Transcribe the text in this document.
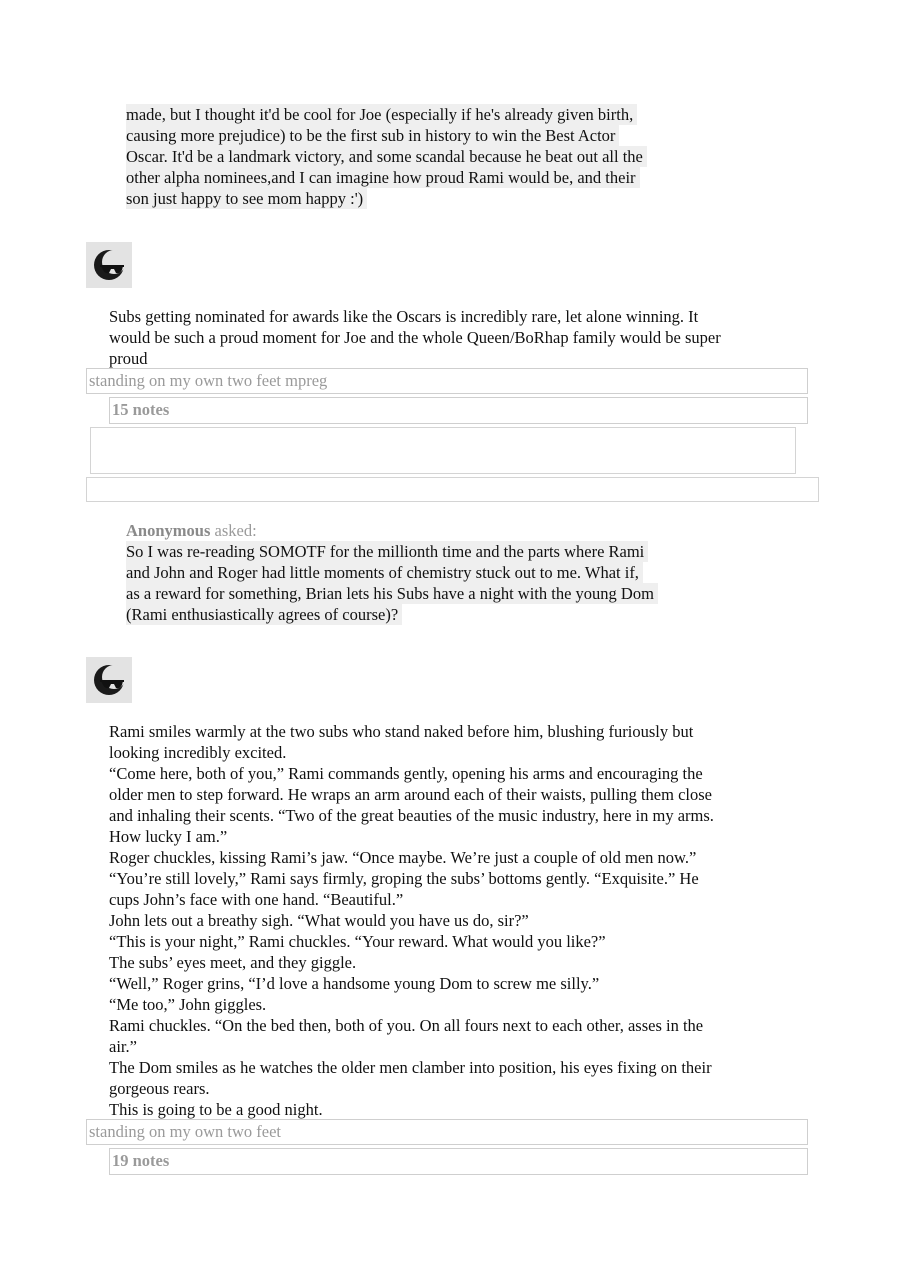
made, but I thought it'd be cool for Joe (especially if he's already given birth,

causing more prejudice) to be the first sub in history to win the Best Actor

Oscar. It'd be a landmark victory, and some scandal because he beat out all the

other alpha nominees,and I can imagine how proud Rami would be, and their

son just happy to see mom happy :')

Subs getting nominated for awards like the Oscars is incredibly rare, let alone winning. It

would be such a proud moment for Joe and the whole Queen/BoRhap family would be super

proud

standing on my own two feet mpreg
15 notes
Anonymous asked:

So I was re-reading SOMOTF for the millionth time and the parts where Rami

and John and Roger had little moments of chemistry stuck out to me. What if,

as a reward for something, Brian lets his Subs have a night with the young Dom

(Rami enthusiastically agrees of course)?

Rami smiles warmly at the two subs who stand naked before him, blushing furiously but

looking incredibly excited.

“Come here, both of you,” Rami commands gently, opening his arms and encouraging the

older men to step forward. He wraps an arm around each of their waists, pulling them close

and inhaling their scents. “Two of the great beauties of the music industry, here in my arms.

How lucky I am.”

Roger chuckles, kissing Rami’s jaw. “Once maybe. We’re just a couple of old men now.”

“You’re still lovely,” Rami says firmly, groping the subs’ bottoms gently. “Exquisite.” He

cups John’s face with one hand. “Beautiful.”

John lets out a breathy sigh. “What would you have us do, sir?”

“This is your night,” Rami chuckles. “Your reward. What would you like?”

The subs’ eyes meet, and they giggle.

“Well,” Roger grins, “I’d love a handsome young Dom to screw me silly.”

“Me too,” John giggles.

Rami chuckles. “On the bed then, both of you. On all fours next to each other, asses in the

air.”

The Dom smiles as he watches the older men clamber into position, his eyes fixing on their

gorgeous rears.

This is going to be a good night.

standing on my own two feet
19 notes
